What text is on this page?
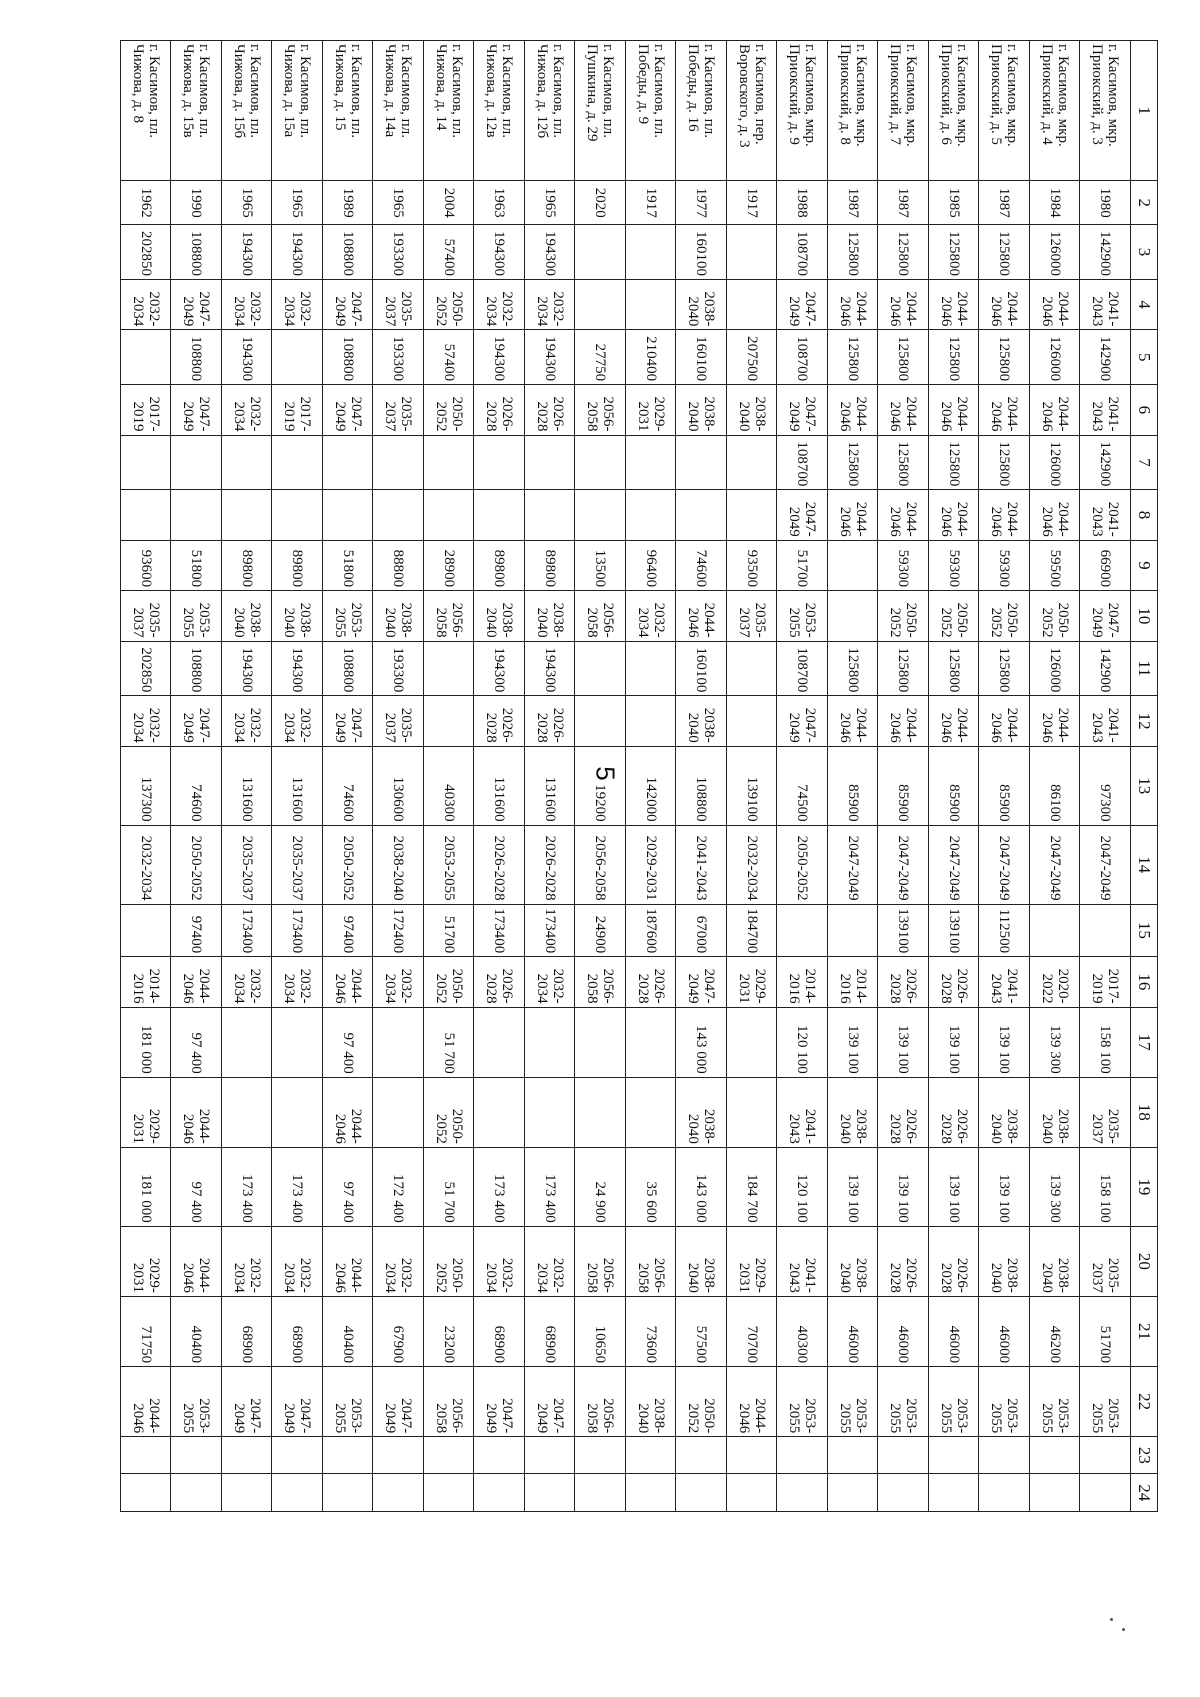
5
1	2	3	4	5	6	7	8	9	10	11	12	13	14	15	16	17	18	19	20	21	22	23	24
г. Касимов, мкр. Приокский, д. 3	1980	142900	2041-2043	142900	2041-2043	142900	2041-2043	66900	2047-2049	142900	2041-2043	97300	2047-2049		2017-2019	158 100	2035-2037	158 100	2035-2037	51700	2053-2055		
г. Касимов, мкр. Приокский, д. 4	1984	126000	2044-2046	126000	2044-2046	126000	2044-2046	59500	2050-2052	126000	2044-2046	86100	2047-2049		2020-2022	139 300	2038-2040	139 300	2038-2040	46200	2053-2055		
г. Касимов, мкр. Приокский, д. 5	1987	125800	2044-2046	125800	2044-2046	125800	2044-2046	59300	2050-2052	125800	2044-2046	85900	2047-2049	112500	2041-2043	139 100	2038-2040	139 100	2038-2040	46000	2053-2055		
г. Касимов, мкр. Приокский, д. 6	1985	125800	2044-2046	125800	2044-2046	125800	2044-2046	59300	2050-2052	125800	2044-2046	85900	2047-2049	139100	2026-2028	139 100	2026-2028	139 100	2026-2028	46000	2053-2055		
г. Касимов, мкр. Приокский, д. 7	1987	125800	2044-2046	125800	2044-2046	125800	2044-2046	59300	2050-2052	125800	2044-2046	85900	2047-2049	139100	2026-2028	139 100	2026-2028	139 100	2026-2028	46000	2053-2055		
г. Касимов, мкр. Приокский, д. 8	1987	125800	2044-2046	125800	2044-2046	125800	2044-2046			125800	2044-2046	85900	2047-2049		2014-2016	139 100	2038-2040	139 100	2038-2040	46000	2053-2055		
г. Касимов, мкр. Приокский, д. 9	1988	108700	2047-2049	108700	2047-2049	108700	2047-2049	51700	2053-2055	108700	2047-2049	74500	2050-2052		2014-2016	120 100	2041-2043	120 100	2041-2043	40300	2053-2055		
г. Касимов, пер. Воровского, д. 3	1917			207500	2038-2040			93500	2035-2037			139100	2032-2034	184700	2029-2031			184 700	2029-2031	70700	2044-2046		
г. Касимов, пл. Победы, д. 16	1977	160100	2038-2040	160100	2038-2040			74600	2044-2046	160100	2038-2040	108800	2041-2043	67000	2047-2049	143 000	2038-2040	143 000	2038-2040	57500	2050-2052		
г. Касимов, пл. Победы, д. 9	1917			210400	2029-2031			96400	2032-2034			142000	2029-2031	187600	2026-2028			35 600	2056-2058	73600	2038-2040		
г. Касимов, пл. Пушкина, д. 29	2020			27750	2056-2058			13500	2056-2058			19200	2056-2058	24900	2056-2058			24 900	2056-2058	10650	2056-2058		
г. Касимов, пл. Чижова, д. 12б	1965	194300	2032-2034	194300	2026-2028			89800	2038-2040	194300	2026-2028	131600	2026-2028	173400	2032-2034			173 400	2032-2034	68900	2047-2049		
г. Касимов, пл. Чижова, д. 12в	1963	194300	2032-2034	194300	2026-2028			89800	2038-2040	194300	2026-2028	131600	2026-2028	173400	2026-2028			173 400	2032-2034	68900	2047-2049		
г. Касимов, пл. Чижова, д. 14	2004	57400	2050-2052	57400	2050-2052			28900	2056-2058			40300	2053-2055	51700	2050-2052	51 700	2050-2052	51 700	2050-2052	23200	2056-2058		
г. Касимов, пл. Чижова, д. 14а	1965	193300	2035-2037	193300	2035-2037			88800	2038-2040	193300	2035-2037	130600	2038-2040	172400	2032-2034			172 400	2032-2034	67900	2047-2049		
г. Касимов, пл. Чижова, д. 15	1989	108800	2047-2049	108800	2047-2049			51800	2053-2055	108800	2047-2049	74600	2050-2052	97400	2044-2046	97 400	2044-2046	97 400	2044-2046	40400	2053-2055		
г. Касимов, пл. Чижова, д. 15а	1965	194300	2032-2034		2017-2019			89800	2038-2040	194300	2032-2034	131600	2035-2037	173400	2032-2034			173 400	2032-2034	68900	2047-2049		
г. Касимов, пл. Чижова, д. 15б	1965	194300	2032-2034	194300	2032-2034			89800	2038-2040	194300	2032-2034	131600	2035-2037	173400	2032-2034			173 400	2032-2034	68900	2047-2049		
г. Касимов, пл. Чижова, д. 15в	1990	108800	2047-2049	108800	2047-2049			51800	2053-2055	108800	2047-2049	74600	2050-2052	97400	2044-2046	97 400	2044-2046	97 400	2044-2046	40400	2053-2055		
г. Касимов, пл. Чижова, д. 8	1962	202850	2032-2034		2017-2019			93600	2035-2037	202850	2032-2034	137300	2032-2034		2014-2016	181 000	2029-2031	181 000	2029-2031	71750	2044-2046		
